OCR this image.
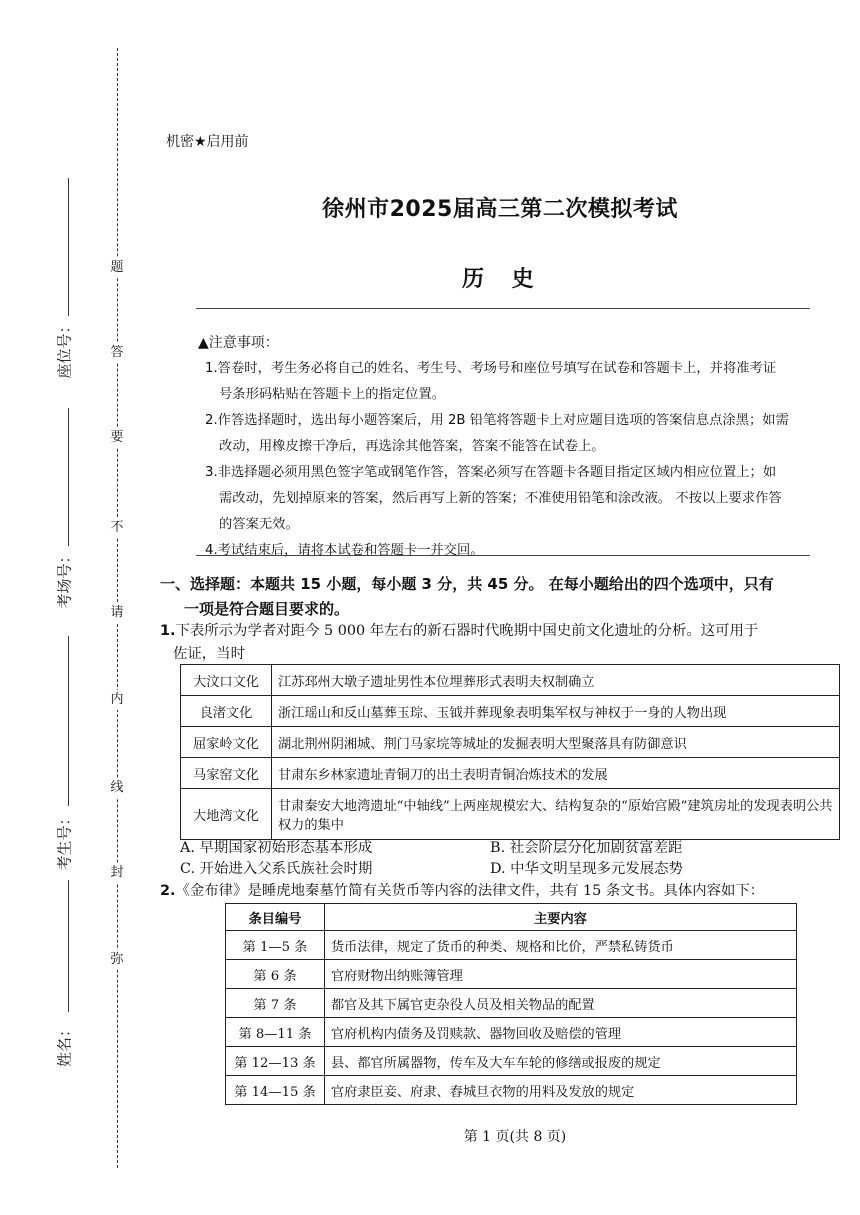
题
答
要
不
请
内
线
封
弥
座位号：
考场号：
考生号：
姓名：
机密★启用前
徐州市2025届高三第二次模拟考试
历 史
▲注意事项：
1.答卷时，考生务必将自己的姓名、考生号、考场号和座位号填写在试卷和答题卡上，并将准考证
号条形码粘贴在答题卡上的指定位置。
2.作答选择题时，选出每小题答案后，用 2B 铅笔将答题卡上对应题目选项的答案信息点涂黑；如需
改动，用橡皮擦干净后，再选涂其他答案，答案不能答在试卷上。
3.非选择题必须用黑色签字笔或钢笔作答，答案必须写在答题卡各题目指定区域内相应位置上；如
需改动，先划掉原来的答案，然后再写上新的答案；不准使用铅笔和涂改液。 不按以上要求作答
的答案无效。
4.考试结束后，请将本试卷和答题卡一并交回。
一、选择题：本题共 15 小题，每小题 3 分，共 45 分。 在每小题给出的四个选项中，只有
一项是符合题目要求的。
1.下表所示为学者对距今 5 000 年左右的新石器时代晚期中国史前文化遗址的分析。这可用于
佐证，当时
大汶口文化	江苏邳州大墩子遗址男性本位埋葬形式表明夫权制确立
良渚文化	浙江瑶山和反山墓葬玉琮、玉钺并葬现象表明集军权与神权于一身的人物出现
屈家岭文化	湖北荆州阴湘城、荆门马家垸等城址的发掘表明大型聚落具有防御意识
马家窑文化	甘肃东乡林家遗址青铜刀的出土表明青铜冶炼技术的发展
大地湾文化	甘肃秦安大地湾遗址“中轴线”上两座规模宏大、结构复杂的“原始宫殿”建筑房址的发现表明公共权力的集中
A. 早期国家初始形态基本形成	B. 社会阶层分化加剧贫富差距
C. 开始进入父系氏族社会时期	D. 中华文明呈现多元发展态势
2.《金布律》是睡虎地秦墓竹简有关货币等内容的法律文件，共有 15 条文书。具体内容如下：
条目编号	主要内容
第 1—5 条	货币法律，规定了货币的种类、规格和比价，严禁私铸货币
第 6 条	官府财物出纳账簿管理
第 7 条	都官及其下属官吏杂役人员及相关物品的配置
第 8—11 条	官府机构内债务及罚赎款、器物回收及赔偿的管理
第 12—13 条	县、都官所属器物，传车及大车车轮的修缮或报废的规定
第 14—15 条	官府隶臣妾、府隶、舂城旦衣物的用料及发放的规定
第 1 页(共 8 页)
